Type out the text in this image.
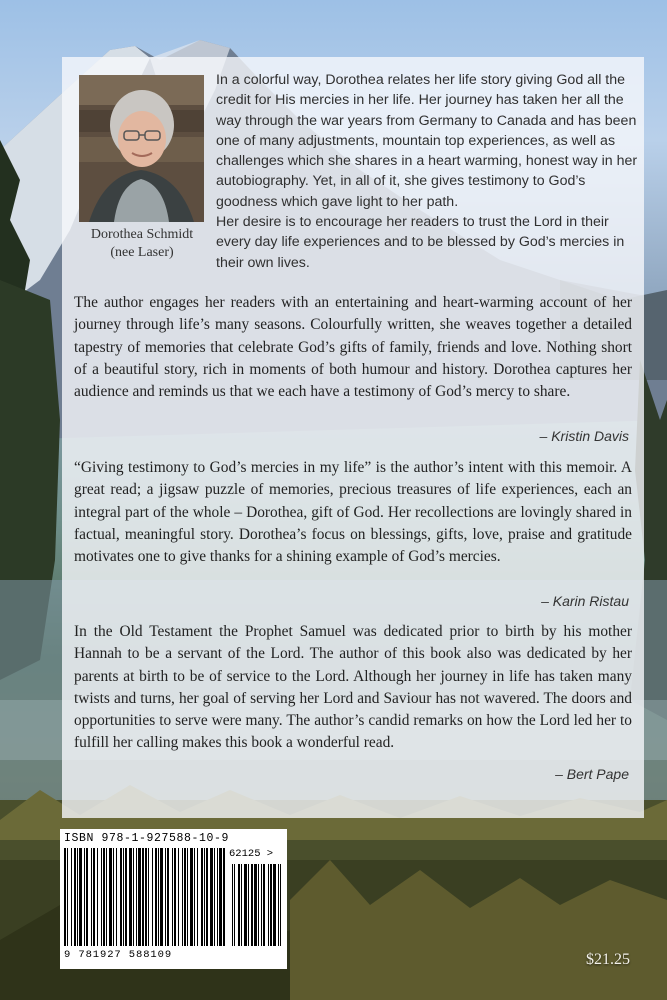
Dorothea Schmidt
(nee Laser)

In a colorful way, Dorothea relates her life story giving God all the credit for His mercies in her life. Her journey has taken her all the way through the war years from Germany to Canada and has been one of many adjustments, mountain top experiences, as well as challenges which she shares in a heart warming, honest way in her autobiography. Yet, in all of it, she gives testimony to God’s goodness which gave light to her path.

Her desire is to encourage her readers to trust the Lord in their every day life experiences and to be blessed by God’s mercies in their own lives.

The author engages her readers with an entertaining and heart-warming account of her journey through life’s many seasons. Colourfully written, she weaves together a detailed tapestry of memories that celebrate God’s gifts of family, friends and love. Nothing short of a beautiful story, rich in moments of both humour and history. Dorothea captures her audience and reminds us that we each have a testimony of God’s mercy to share.

– Kristin Davis

“Giving testimony to God’s mercies in my life” is the author’s intent with this memoir. A great read; a jigsaw puzzle of memories, precious treasures of life experiences, each an integral part of the whole – Dorothea, gift of God. Her recollections are lovingly shared in factual, meaningful story. Dorothea’s focus on blessings, gifts, love, praise and gratitude motivates one to give thanks for a shining example of God’s mercies.

– Karin Ristau

In the Old Testament the Prophet Samuel was dedicated prior to birth by his mother Hannah to be a servant of the Lord. The author of this book also was dedicated by her parents at birth to be of service to the Lord. Although her journey in life has taken many twists and turns, her goal of serving her Lord and Saviour has not wavered. The doors and opportunities to serve were many. The author’s candid remarks on how the Lord led her to fulfill her calling makes this book a wonderful read.

– Bert Pape

ISBN 978-1-927588-10-9
9 781927 588109
62125 >
$21.25
